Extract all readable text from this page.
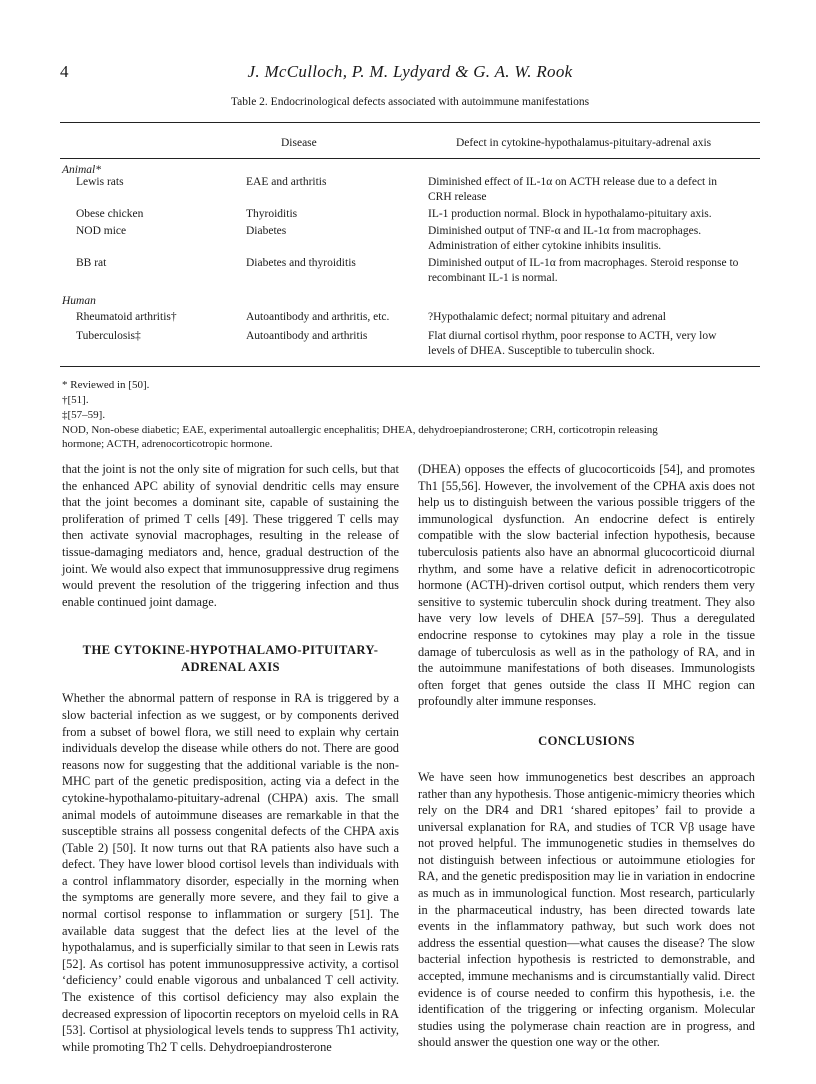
4	J. McCulloch, P. M. Lydyard & G. A. W. Rook
Table 2. Endocrinological defects associated with autoimmune manifestations
Disease	Defect in cytokine-hypothalamus-pituitary-adrenal axis
Animal*
Lewis rats	EAE and arthritis	Diminished effect of IL-1α on ACTH release due to a defect in
CRH release
Obese chicken	Thyroiditis	IL-1 production normal. Block in hypothalamo-pituitary axis.
NOD mice	Diabetes	Diminished output of TNF-α and IL-1α from macrophages.
Administration of either cytokine inhibits insulitis.
BB rat	Diabetes and thyroiditis	Diminished output of IL-1α from macrophages. Steroid response to
recombinant IL-1 is normal.
Human
Rheumatoid arthritis†	Autoantibody and arthritis, etc.	?Hypothalamic defect; normal pituitary and adrenal
Tuberculosis‡	Autoantibody and arthritis	Flat diurnal cortisol rhythm, poor response to ACTH, very low
levels of DHEA. Susceptible to tuberculin shock.
* Reviewed in [50].
†[51].
‡[57–59].
NOD, Non-obese diabetic; EAE, experimental autoallergic encephalitis; DHEA, dehydroepiandrosterone; CRH, corticotropin releasing
hormone; ACTH, adrenocorticotropic hormone.

that the joint is not the only site of migration for such cells, but that the enhanced APC ability of synovial dendritic cells may ensure that the joint becomes a dominant site, capable of sustaining the proliferation of primed T cells [49]. These triggered T cells may then activate synovial macrophages, resulting in the release of tissue-damaging mediators and, hence, gradual destruction of the joint. We would also expect that immunosuppressive drug regimens would prevent the resolution of the triggering infection and thus enable continued joint damage.

THE CYTOKINE-HYPOTHALAMO-PITUITARY-
ADRENAL AXIS

Whether the abnormal pattern of response in RA is triggered by a slow bacterial infection as we suggest, or by components derived from a subset of bowel flora, we still need to explain why certain individuals develop the disease while others do not. There are good reasons now for suggesting that the additional variable is the non-MHC part of the genetic predisposition, acting via a defect in the cytokine-hypothalamo-pituitary-adrenal (CHPA) axis. The small animal models of autoimmune diseases are remarkable in that the susceptible strains all possess congenital defects of the CHPA axis (Table 2) [50]. It now turns out that RA patients also have such a defect. They have lower blood cortisol levels than individuals with a control inflammatory disorder, especially in the morning when the symptoms are generally more severe, and they fail to give a normal cortisol response to inflammation or surgery [51]. The available data suggest that the defect lies at the level of the hypothalamus, and is superficially similar to that seen in Lewis rats [52]. As cortisol has potent immunosuppressive activity, a cortisol ‘deficiency’ could enable vigorous and unbalanced T cell activity. The existence of this cortisol deficiency may also explain the decreased expression of lipocortin receptors on myeloid cells in RA [53]. Cortisol at physiological levels tends to suppress Th1 activity, while promoting Th2 T cells. Dehydroepiandrosterone

(DHEA) opposes the effects of glucocorticoids [54], and promotes Th1 [55,56]. However, the involvement of the CPHA axis does not help us to distinguish between the various possible triggers of the immunological dysfunction. An endocrine defect is entirely compatible with the slow bacterial infection hypothesis, because tuberculosis patients also have an abnormal glucocorticoid diurnal rhythm, and some have a relative deficit in adrenocorticotropic hormone (ACTH)-driven cortisol output, which renders them very sensitive to systemic tuberculin shock during treatment. They also have very low levels of DHEA [57–59]. Thus a deregulated endocrine response to cytokines may play a role in the tissue damage of tuberculosis as well as in the pathology of RA, and in the autoimmune manifestations of both diseases. Immunologists often forget that genes outside the class II MHC region can profoundly alter immune responses.

CONCLUSIONS

We have seen how immunogenetics best describes an approach rather than any hypothesis. Those antigenic-mimicry theories which rely on the DR4 and DR1 ‘shared epitopes’ fail to provide a universal explanation for RA, and studies of TCR Vβ usage have not proved helpful. The immunogenetic studies in themselves do not distinguish between infectious or autoimmune etiologies for RA, and the genetic predisposition may lie in variation in endocrine as much as in immunological function. Most research, particularly in the pharmaceutical industry, has been directed towards late events in the inflammatory pathway, but such work does not address the essential question—what causes the disease? The slow bacterial infection hypothesis is restricted to demonstrable, and accepted, immune mechanisms and is circumstantially valid. Direct evidence is of course needed to confirm this hypothesis, i.e. the identification of the triggering or infecting organism. Molecular studies using the polymerase chain reaction are in progress, and should answer the question one way or the other.
